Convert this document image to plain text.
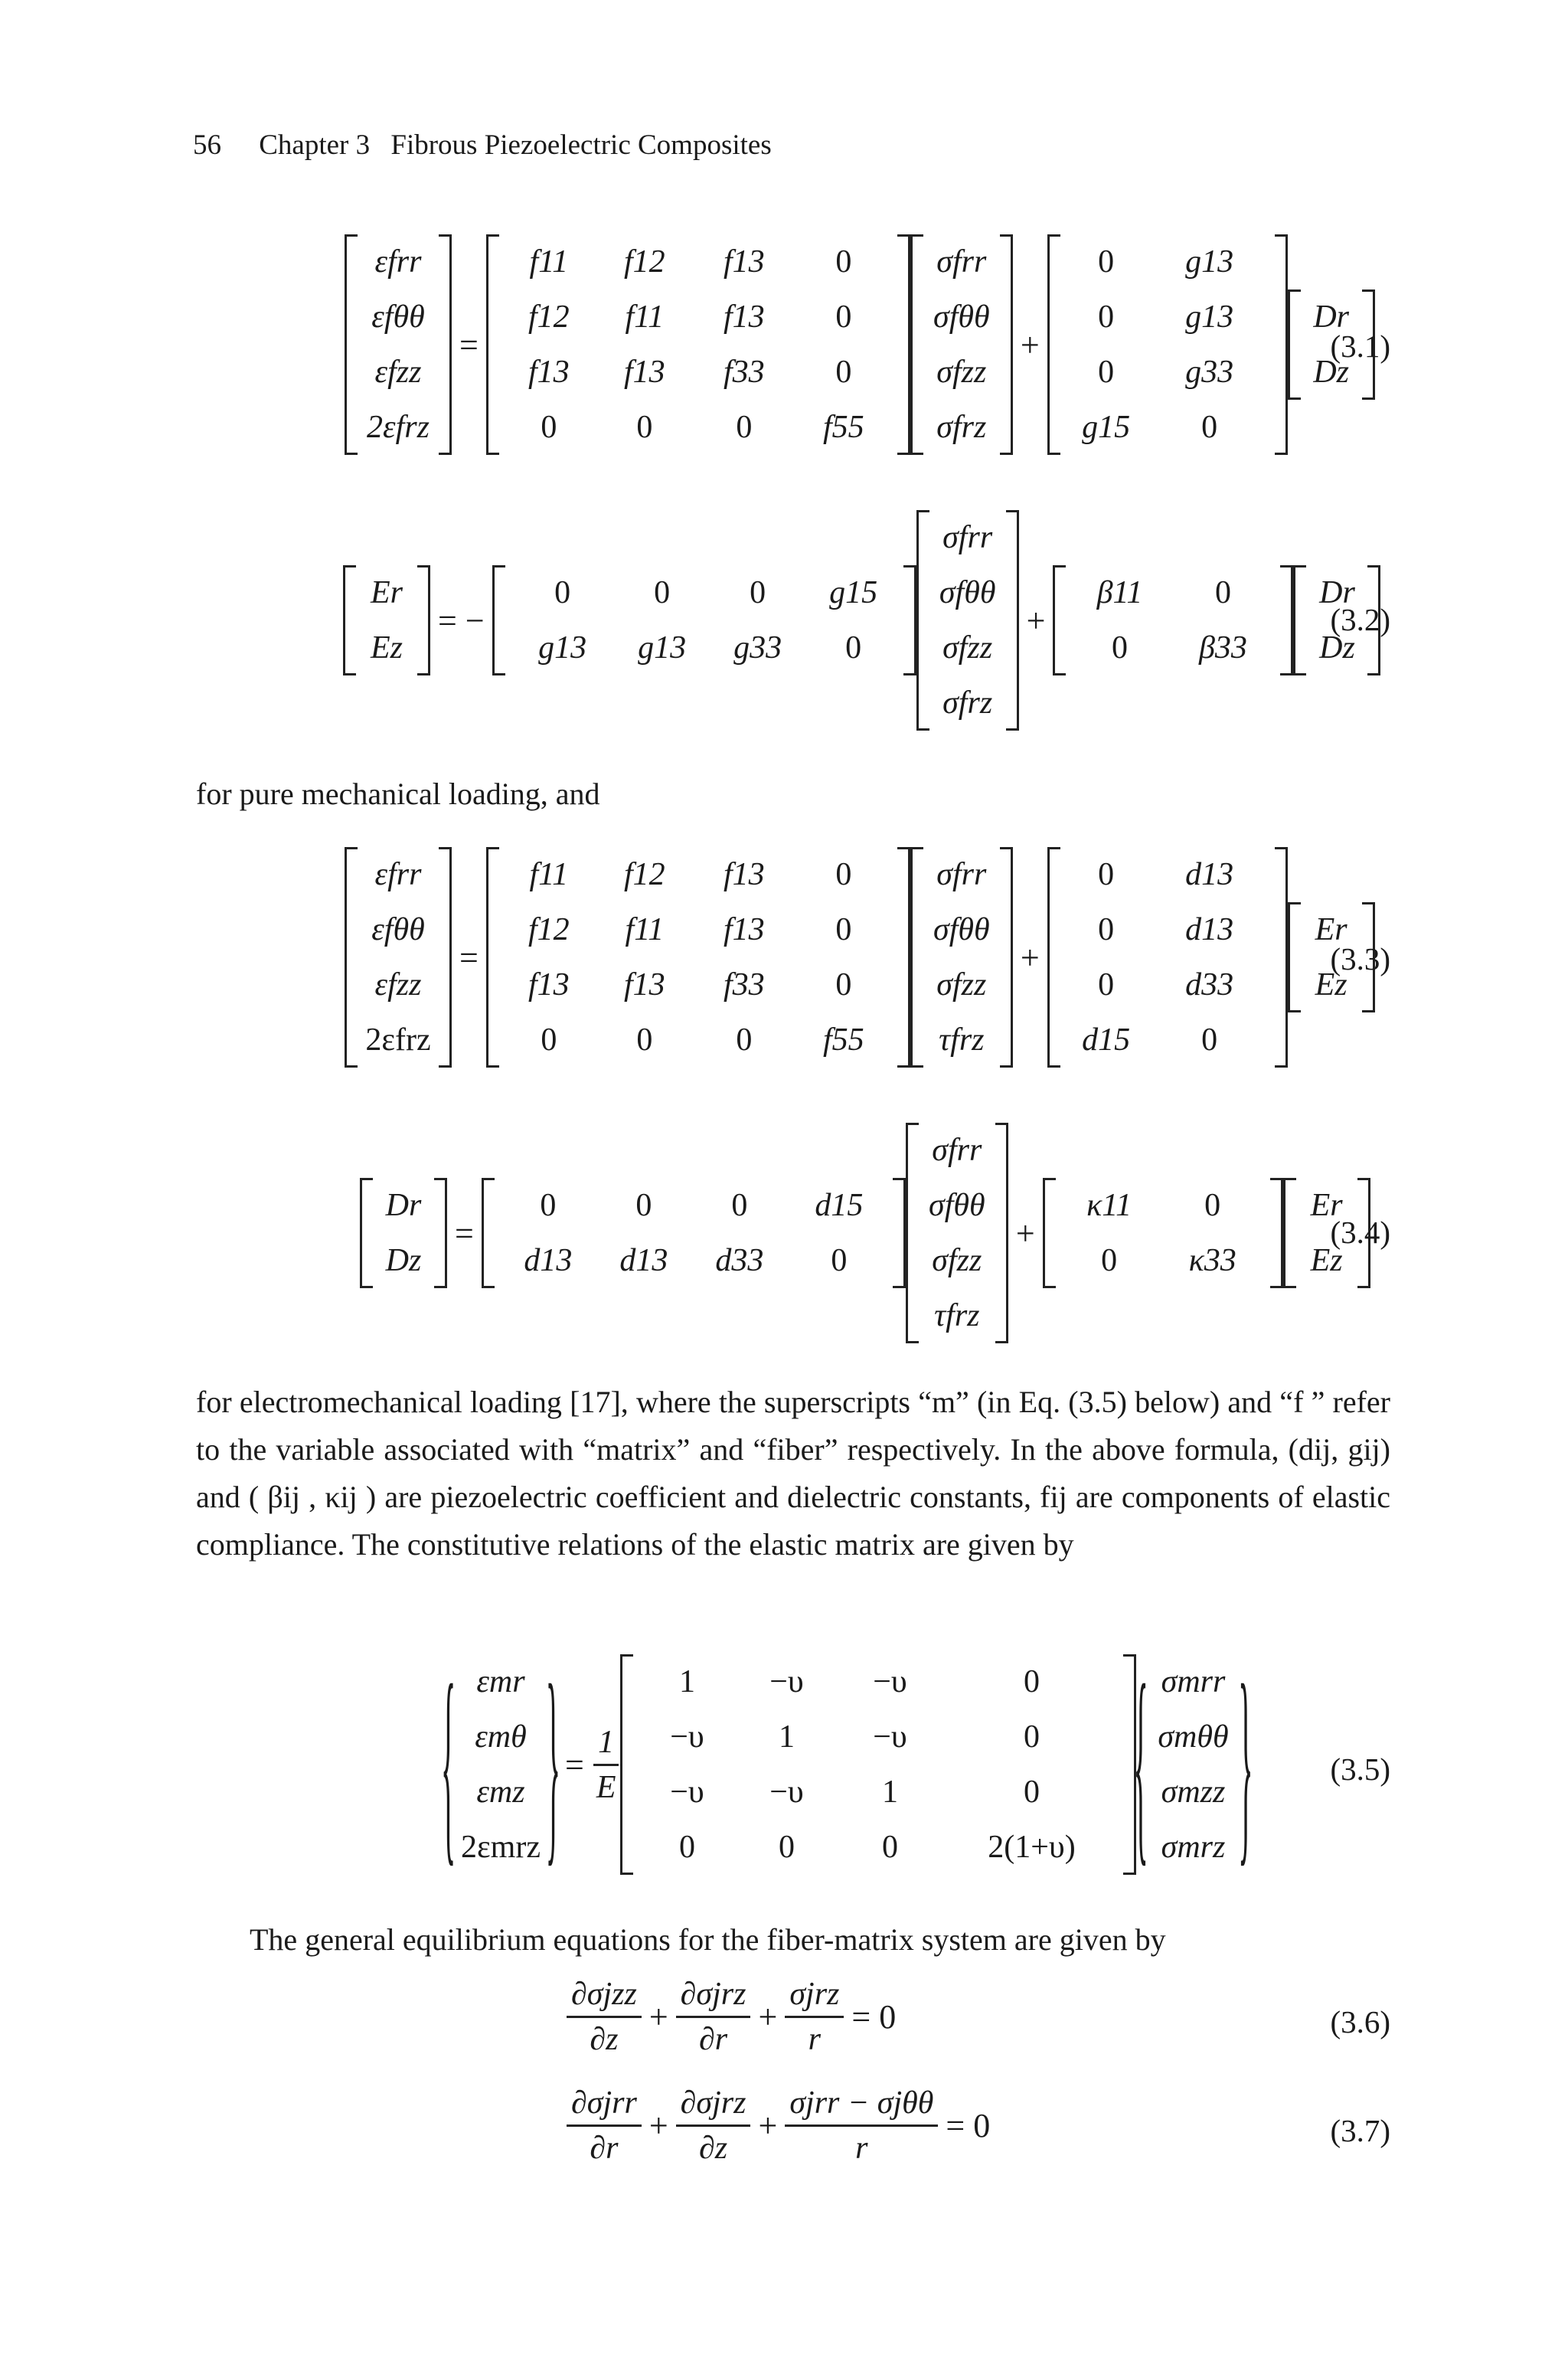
56 Chapter 3 Fibrous Piezoelectric Composites
εfrr
εfθθ
εfzz
2εfrz
=
f11	f12	f13	0
f12	f11	f13	0
f13	f13	f33	0
0	0	0	f55
σfrr
σfθθ
σfzz
σfrz
+
0	g13
0	g13
0	g33
g15	0
Dr
Dz
(3.1)
Er
Ez
= −
0	0	0	g15
g13	g13	g33	0
σfrr
σfθθ
σfzz
σfrz
+
β11	0
0	β33
Dr
Dz
(3.2)
for pure mechanical loading, and
εfrr
εfθθ
εfzz
2εfrz
=
f11	f12	f13	0
f12	f11	f13	0
f13	f13	f33	0
0	0	0	f55
σfrr
σfθθ
σfzz
τfrz
+
0	d13
0	d13
0	d33
d15	0
Er
Ez
(3.3)
Dr
Dz
=
0	0	0	d15
d13	d13	d33	0
σfrr
σfθθ
σfzz
τfrz
+
κ11	0
0	κ33
Er
Ez
(3.4)
for electromechanical loading [17], where the superscripts “m” (in Eq. (3.5) below) and “f ” refer to the variable associated with “matrix” and “fiber” respectively. In the above formula, (dij, gij) and ( βij , κij ) are piezoelectric coefficient and dielectric constants, fij are components of elastic compliance. The constitutive relations of the elastic matrix are given by
{ εmr
εmθ
εmz
2εmrz
}
= $\frac{1}{E}$
1	−υ	−υ	0
−υ	1	−υ	0
−υ	−υ	1	0
0	0	0	2(1+υ)
{ σmrr
σmθθ
σmzz
σmrz
}
(3.5)
The general equilibrium equations for the fiber-matrix system are given by
$\frac{\text{∂σjzz}}{\partial z} + \frac{\text{∂σjrz}}{\partial r} + \frac{\text{σjrz}}{r} = 0$	(3.6)
$\frac{\text{∂σjrr}}{\partial r} + \frac{\text{∂σjrz}}{\partial z} + \frac{\text{σjrr − σjθθ}}{r} = 0$	(3.7)
